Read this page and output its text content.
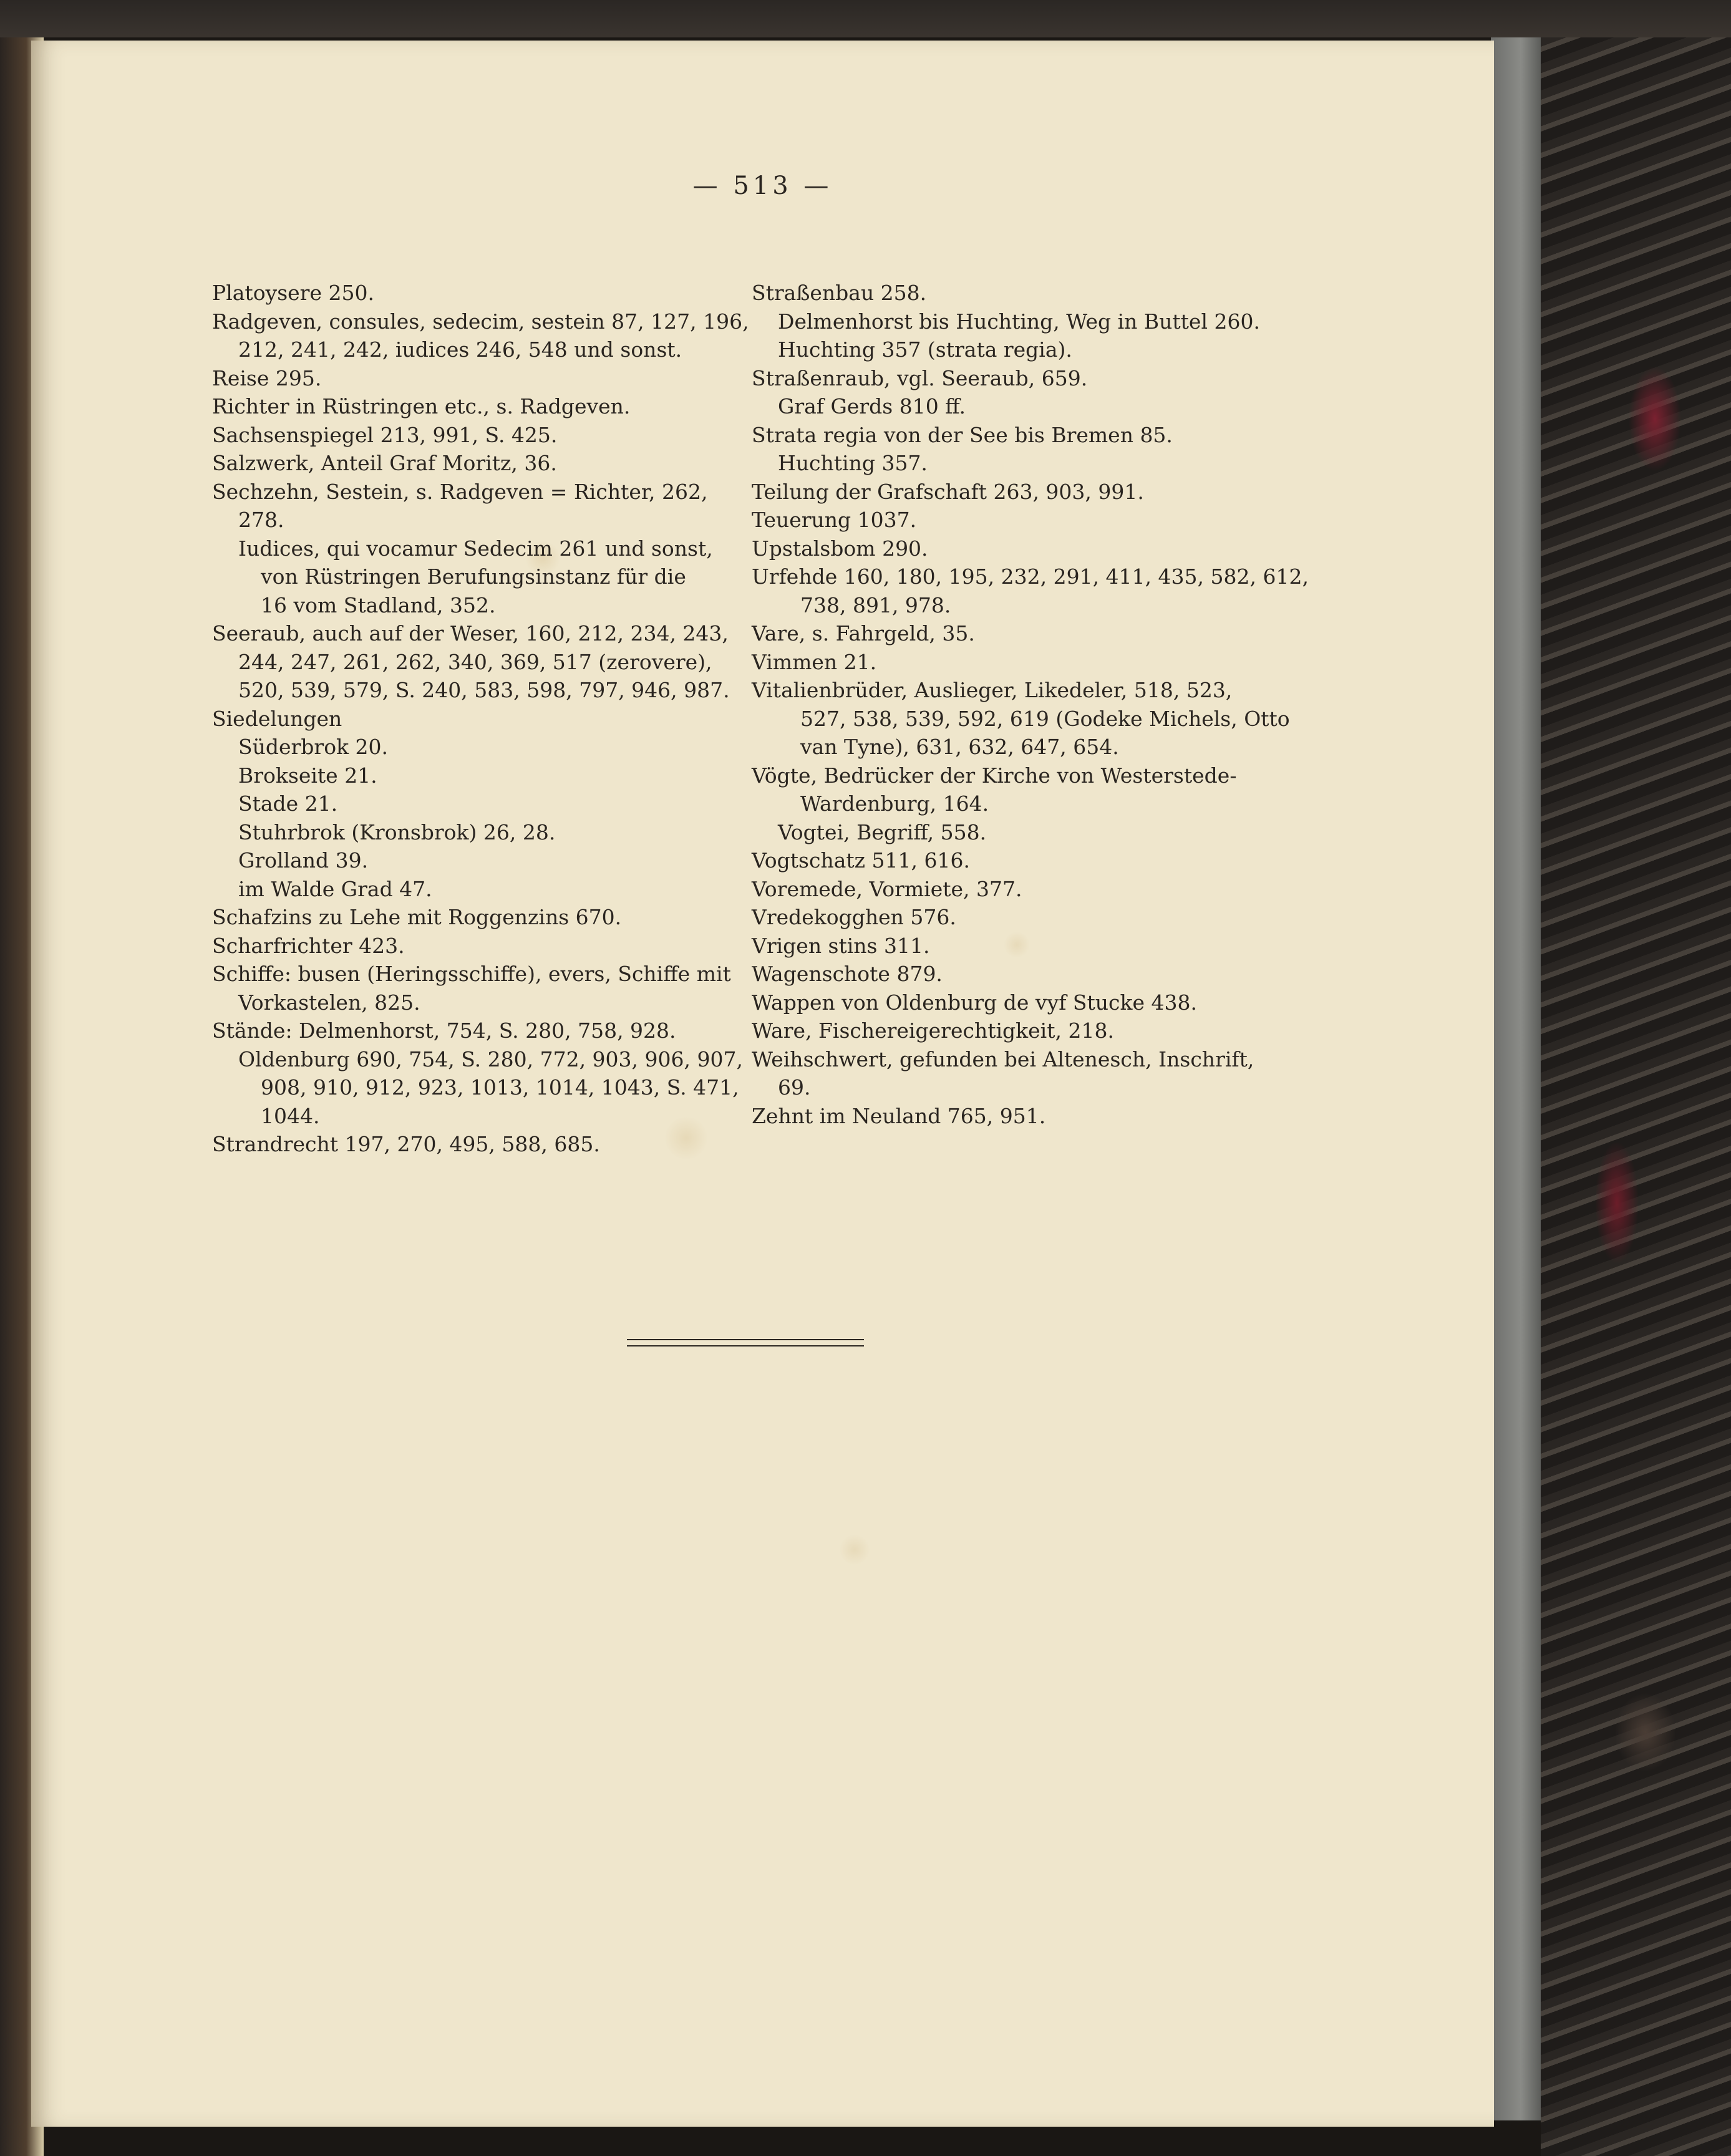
— 513 —
Platoysere 250.
Radgeven, consules, sedecim, sestein 87, 127, 196,
212, 241, 242, iudices 246, 548 und sonst.
Reise 295.
Richter in Rüstringen etc., s. Radgeven.
Sachsenspiegel 213, 991, S. 425.
Salzwerk, Anteil Graf Moritz, 36.
Sechzehn, Sestein, s. Radgeven = Richter, 262,
278.
Iudices, qui vocamur Sedecim 261 und sonst,
von Rüstringen Berufungsinstanz für die
16 vom Stadland, 352.
Seeraub, auch auf der Weser, 160, 212, 234, 243,
244, 247, 261, 262, 340, 369, 517 (zerovere),
520, 539, 579, S. 240, 583, 598, 797, 946, 987.
Siedelungen
Süderbrok 20.
Brokseite 21.
Stade 21.
Stuhrbrok (Kronsbrok) 26, 28.
Grolland 39.
im Walde Grad 47.
Schafzins zu Lehe mit Roggenzins 670.
Scharfrichter 423.
Schiffe: busen (Heringsschiffe), evers, Schiffe mit
Vorkastelen, 825.
Stände: Delmenhorst, 754, S. 280, 758, 928.
Oldenburg 690, 754, S. 280, 772, 903, 906, 907,
908, 910, 912, 923, 1013, 1014, 1043, S. 471,
1044.
Strandrecht 197, 270, 495, 588, 685.
Straßenbau 258.
Delmenhorst bis Huchting, Weg in Buttel 260.
Huchting 357 (strata regia).
Straßenraub, vgl. Seeraub, 659.
Graf Gerds 810 ff.
Strata regia von der See bis Bremen 85.
Huchting 357.
Teilung der Grafschaft 263, 903, 991.
Teuerung 1037.
Upstalsbom 290.
Urfehde 160, 180, 195, 232, 291, 411, 435, 582, 612,
738, 891, 978.
Vare, s. Fahrgeld, 35.
Vimmen 21.
Vitalienbrüder, Auslieger, Likedeler, 518, 523,
527, 538, 539, 592, 619 (Godeke Michels, Otto
van Tyne), 631, 632, 647, 654.
Vögte, Bedrücker der Kirche von Westerstede-
Wardenburg, 164.
Vogtei, Begriff, 558.
Vogtschatz 511, 616.
Voremede, Vormiete, 377.
Vredekogghen 576.
Vrigen stins 311.
Wagenschote 879.
Wappen von Oldenburg de vyf Stucke 438.
Ware, Fischereigerechtigkeit, 218.
Weihschwert, gefunden bei Altenesch, Inschrift,
69.
Zehnt im Neuland 765, 951.
